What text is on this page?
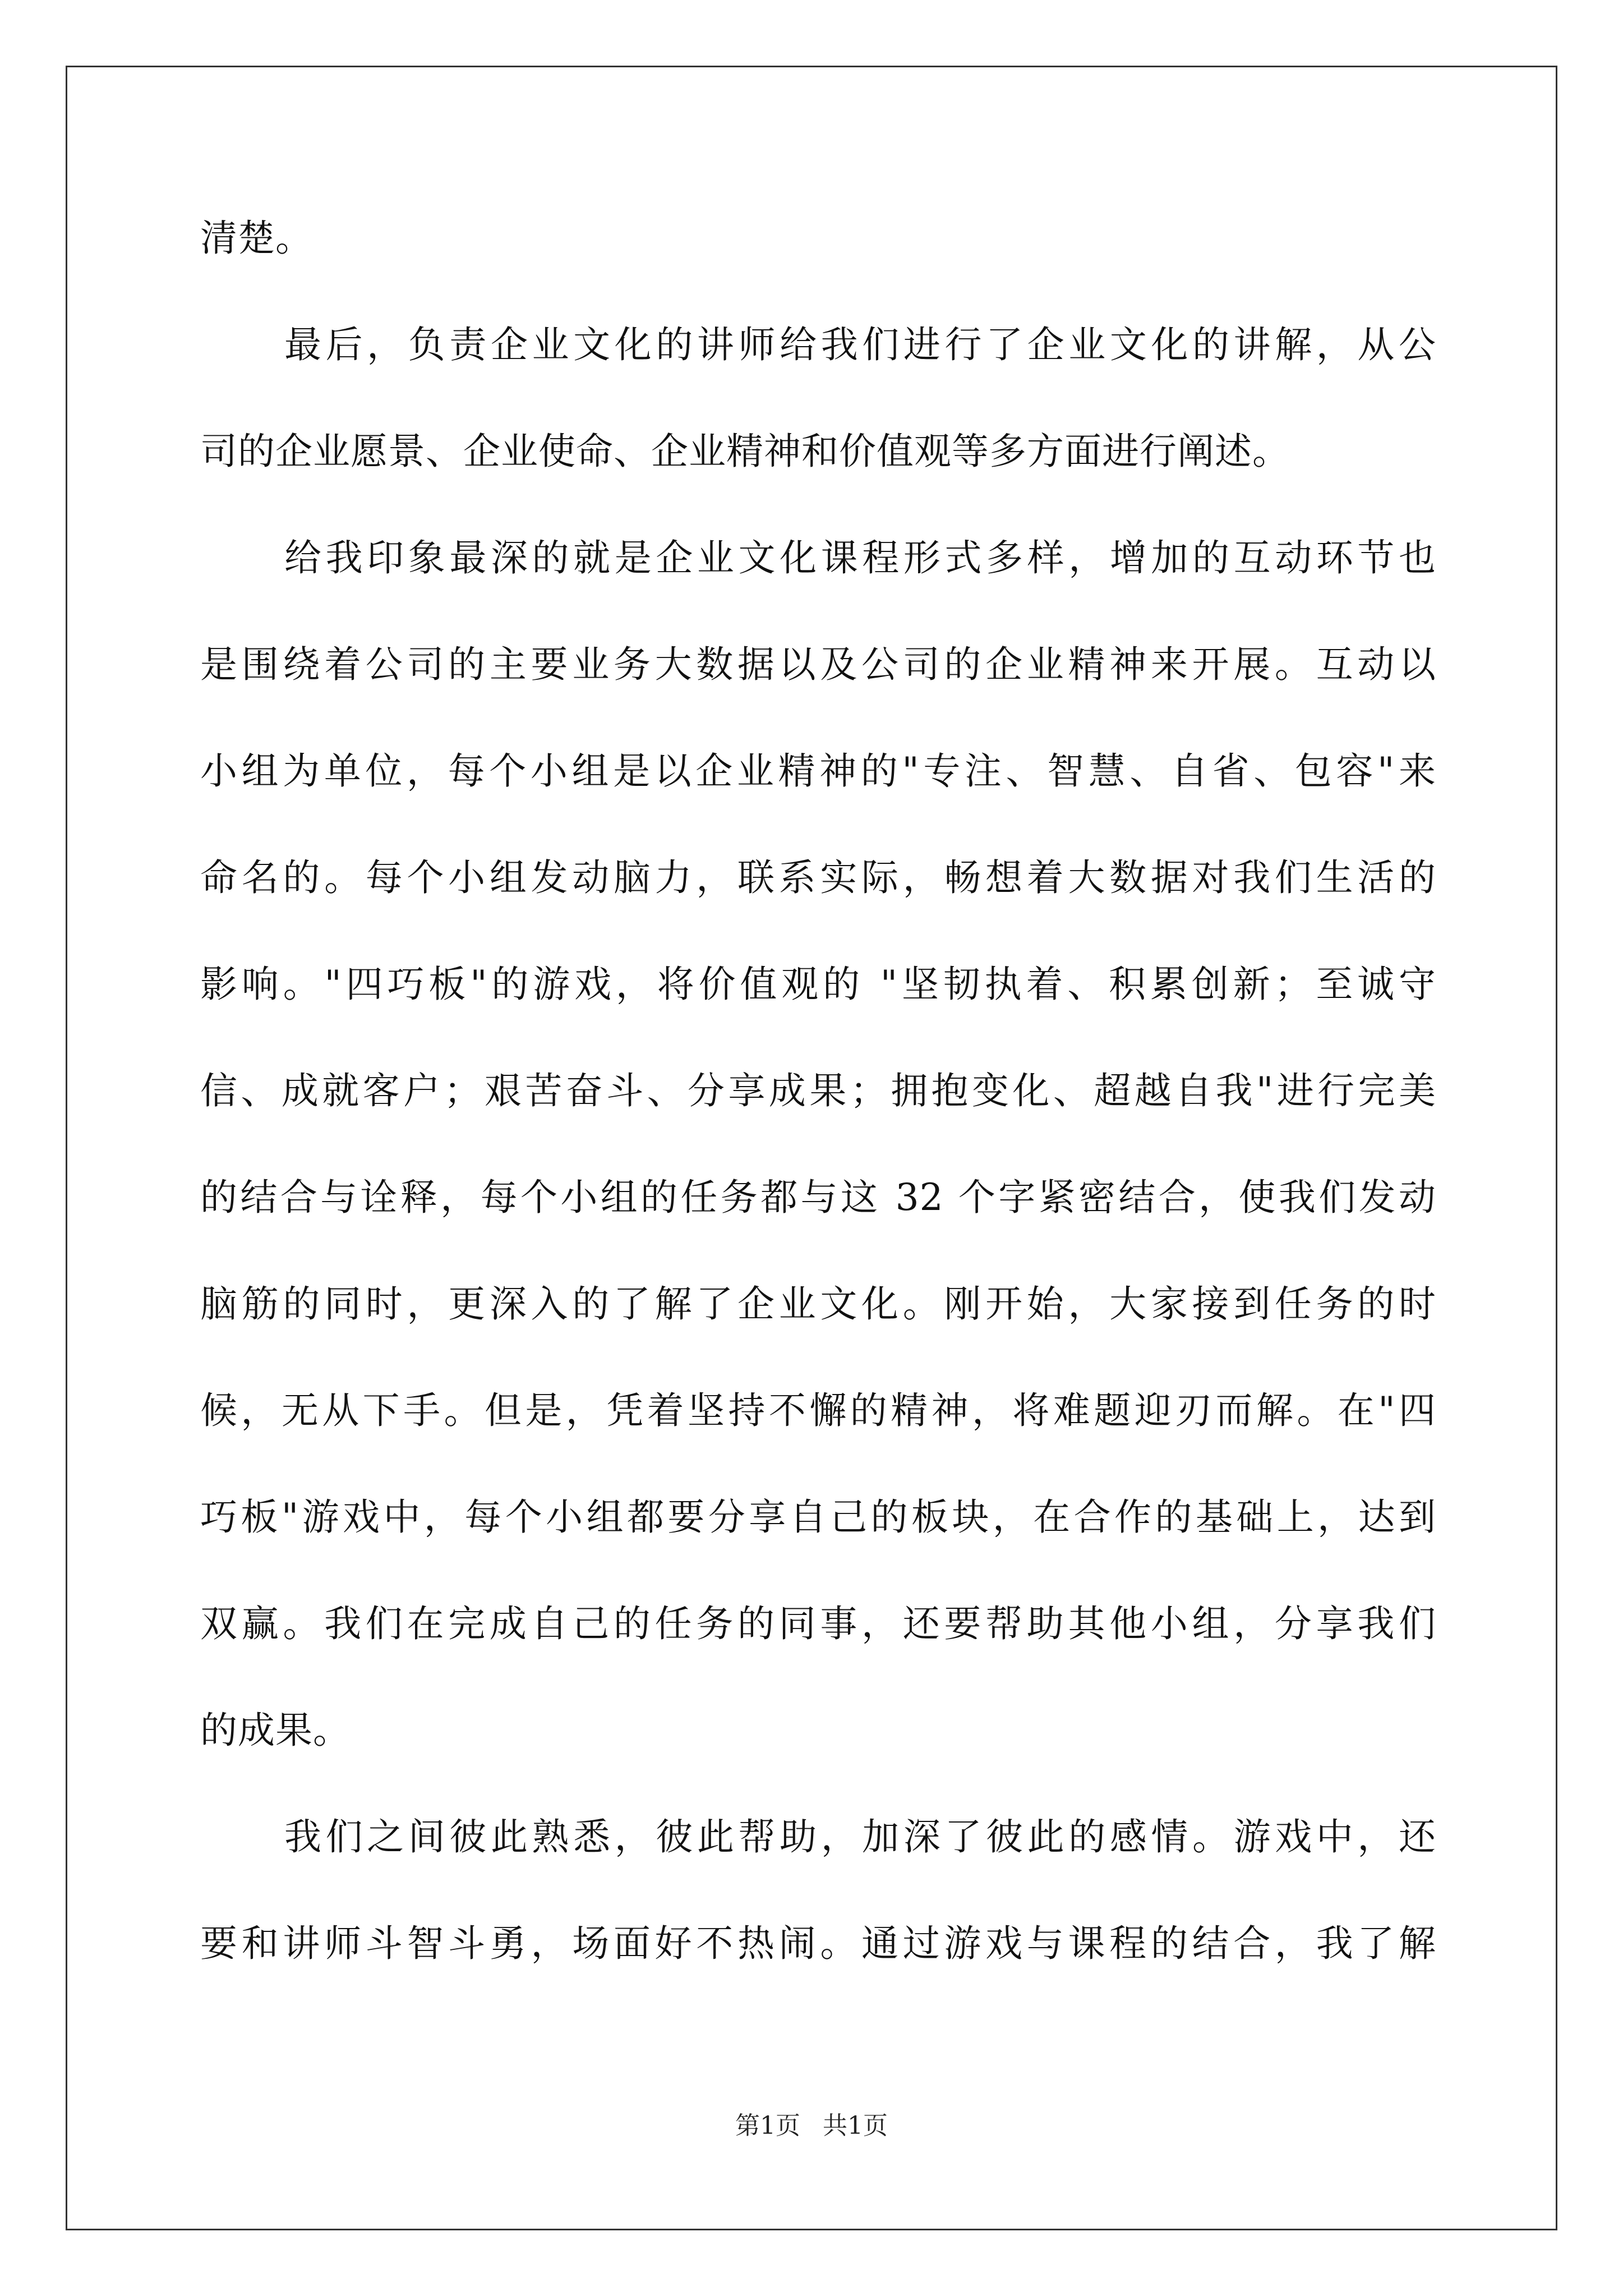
清楚。
最后，负责企业文化的讲师给我们进行了企业文化的讲解，从公
司的企业愿景、企业使命、企业精神和价值观等多方面进行阐述。
给我印象最深的就是企业文化课程形式多样，增加的互动环节也
是围绕着公司的主要业务大数据以及公司的企业精神来开展。互动以
小组为单位，每个小组是以企业精神的"专注、智慧、自省、包容"来
命名的。每个小组发动脑力，联系实际，畅想着大数据对我们生活的
影响。"四巧板"的游戏，将价值观的 "坚韧执着、积累创新；至诚守
信、成就客户；艰苦奋斗、分享成果；拥抱变化、超越自我"进行完美
的结合与诠释，每个小组的任务都与这 32 个字紧密结合，使我们发动
脑筋的同时，更深入的了解了企业文化。刚开始，大家接到任务的时
候，无从下手。但是，凭着坚持不懈的精神，将难题迎刃而解。在"四
巧板"游戏中，每个小组都要分享自己的板块，在合作的基础上，达到
双赢。我们在完成自己的任务的同事，还要帮助其他小组，分享我们
的成果。
我们之间彼此熟悉，彼此帮助，加深了彼此的感情。游戏中，还
要和讲师斗智斗勇，场面好不热闹。通过游戏与课程的结合，我了解
第1页 共1页
